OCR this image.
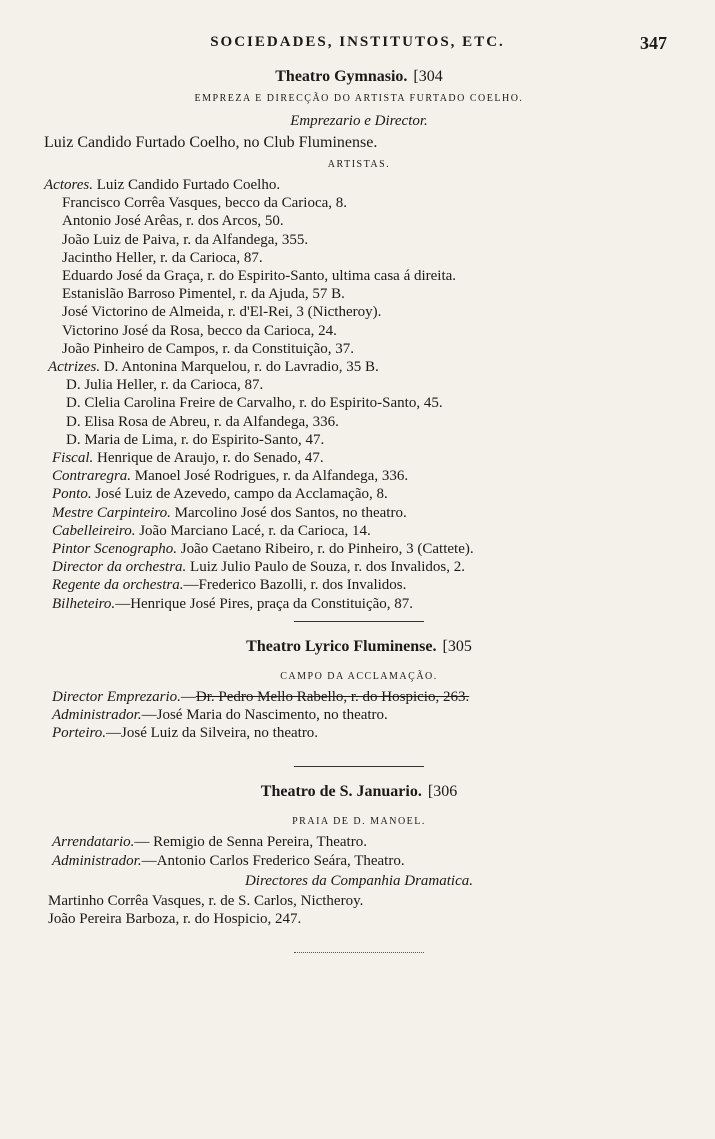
SOCIEDADES, INSTITUTOS, ETC.	347

Theatro Gymnasio. [304

EMPREZA E DIRECÇÃO DO ARTISTA FURTADO COELHO.

Emprezario e Director.

Luiz Candido Furtado Coelho, no Club Fluminense.

ARTISTAS.

Actores. Luiz Candido Furtado Coelho.

Francisco Corrêa Vasques, becco da Carioca, 8.

Antonio José Arêas, r. dos Arcos, 50.

João Luiz de Paiva, r. da Alfandega, 355.

Jacintho Heller, r. da Carioca, 87.

Eduardo José da Graça, r. do Espirito-Santo, ultima casa á direita.

Estanislão Barroso Pimentel, r. da Ajuda, 57 B.

José Victorino de Almeida, r. d'El-Rei, 3 (Nictheroy).

Victorino José da Rosa, becco da Carioca, 24.

João Pinheiro de Campos, r. da Constituição, 37.

Actrizes. D. Antonina Marquelou, r. do Lavradio, 35 B.

D. Julia Heller, r. da Carioca, 87.

D. Clelia Carolina Freire de Carvalho, r. do Espirito-Santo, 45.

D. Elisa Rosa de Abreu, r. da Alfandega, 336.

D. Maria de Lima, r. do Espirito-Santo, 47.

Fiscal. Henrique de Araujo, r. do Senado, 47.

Contraregra. Manoel José Rodrigues, r. da Alfandega, 336.

Ponto. José Luiz de Azevedo, campo da Acclamação, 8.

Mestre Carpinteiro. Marcolino José dos Santos, no theatro.

Cabelleireiro. João Marciano Lacé, r. da Carioca, 14.

Pintor Scenographo. João Caetano Ribeiro, r. do Pinheiro, 3 (Cattete).

Director da orchestra. Luiz Julio Paulo de Souza, r. dos Invalidos, 2.

Regente da orchestra.—Frederico Bazolli, r. dos Invalidos.

Bilheteiro.—Henrique José Pires, praça da Constituição, 87.

Theatro Lyrico Fluminense. [305

CAMPO DA ACCLAMAÇÃO.

Director Emprezario.—Dr. Pedro Mello Rabello, r. do Hospicio, 263.

Administrador.—José Maria do Nascimento, no theatro.

Porteiro.—José Luiz da Silveira, no theatro.

Theatro de S. Januario. [306

PRAIA DE D. MANOEL.

Arrendatario.— Remigio de Senna Pereira, Theatro.

Administrador.—Antonio Carlos Frederico Seára, Theatro.

Directores da Companhia Dramatica.

Martinho Corrêa Vasques, r. de S. Carlos, Nictheroy.

João Pereira Barboza, r. do Hospicio, 247.
